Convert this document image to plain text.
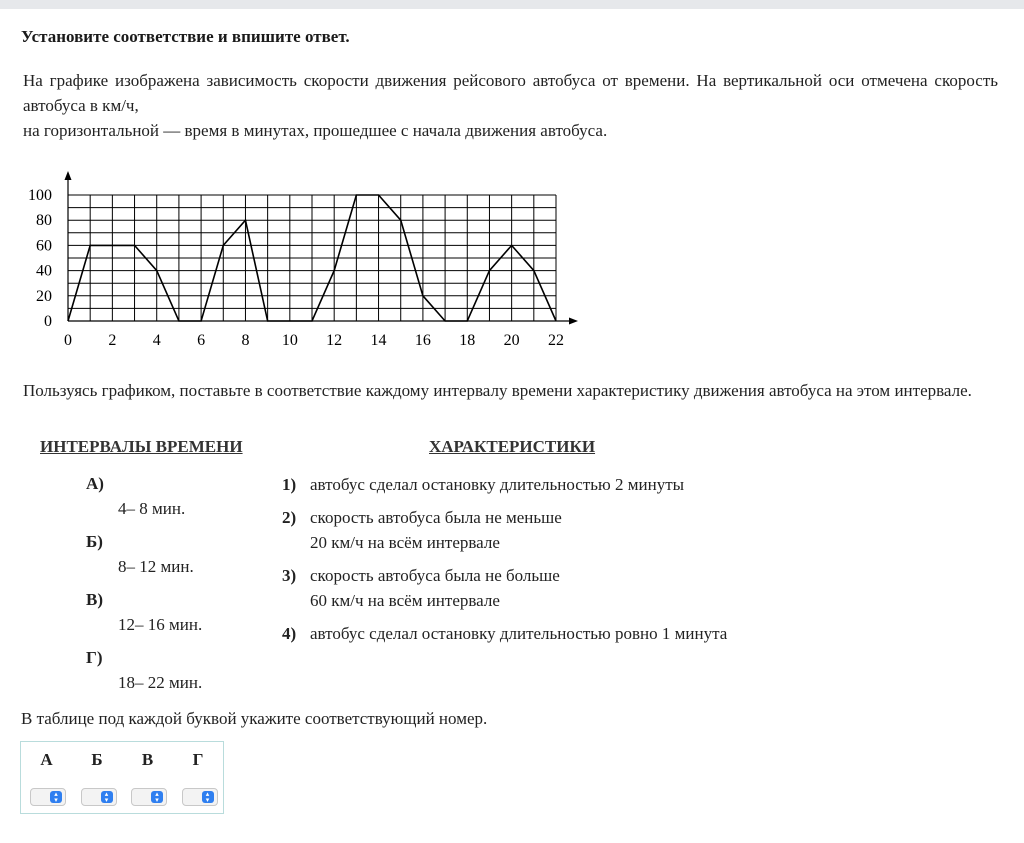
Установите соответствие и впишите ответ.

На графике изображена зависимость скорости движения рейсового автобуса от времени. На вертикальной оси отмечена скорость автобуса в км/ч,

на горизонтальной — время в минутах, прошедшее с начала движения автобуса.

0
20
40
60
80
100
0 2 4 6 8 10 12 14 16 18 20 22

Пользуясь графиком, поставьте в соответствие каждому интервалу времени характеристику движения автобуса на этом интервале.

ИНТЕРВАЛЫ ВРЕМЕНИ	ХАРАКТЕРИСТИКИ
А)
4– 8 мин.
Б)
8– 12 мин.
В)
12– 16 мин.
Г)
18– 22 мин.
1) автобус сделал остановку длительностью 2 минуты
2) скорость автобуса была не меньше
20 км/ч на всём интервале
3) скорость автобуса была не больше
60 км/ч на всём интервале
4) автобус сделал остановку длительностью ровно 1 минута
В таблице под каждой буквой укажите соответствующий номер.
А
▴
▾
Б
▴
▾
В
▴
▾
Г
▴
▾
